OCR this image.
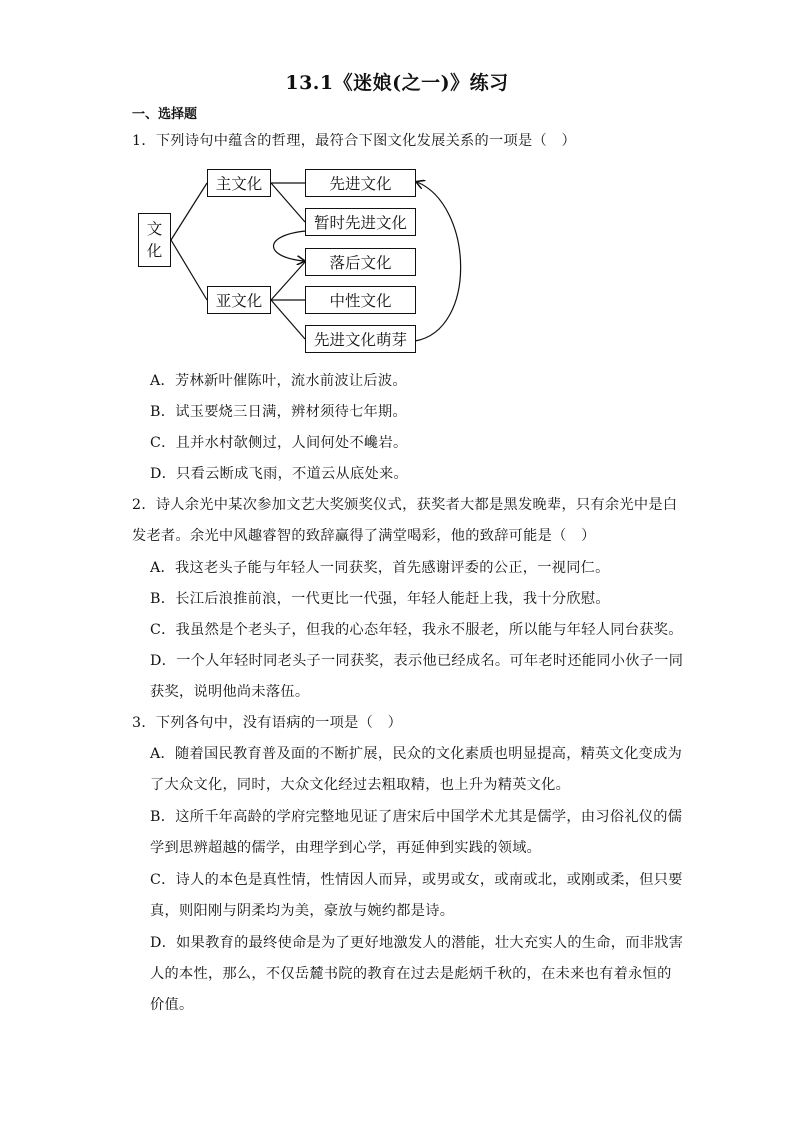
13.1《迷娘(之一)》练习
一、选择题
1．下列诗句中蕴含的哲理，最符合下图文化发展关系的一项是（　）
文
化
主文化
亚文化
先进文化
暂时先进文化
落后文化
中性文化
先进文化萌芽
A．芳林新叶催陈叶，流水前波让后波。
B．试玉要烧三日满，辨材须待七年期。
C．且并水村欹侧过，人间何处不巉岩。
D．只看云断成飞雨，不道云从底处来。
2．诗人余光中某次参加文艺大奖颁奖仪式，获奖者大都是黑发晚辈，只有余光中是白
发老者。余光中风趣睿智的致辞赢得了满堂喝彩，他的致辞可能是（　）
A．我这老头子能与年轻人一同获奖，首先感谢评委的公正，一视同仁。
B．长江后浪推前浪，一代更比一代强，年轻人能赶上我，我十分欣慰。
C．我虽然是个老头子，但我的心态年轻，我永不服老，所以能与年轻人同台获奖。
D．一个人年轻时同老头子一同获奖，表示他已经成名。可年老时还能同小伙子一同
获奖，说明他尚未落伍。
3．下列各句中，没有语病的一项是（　）
A．随着国民教育普及面的不断扩展，民众的文化素质也明显提高，精英文化变成为
了大众文化，同时，大众文化经过去粗取精，也上升为精英文化。
B．这所千年高龄的学府完整地见证了唐宋后中国学术尤其是儒学，由习俗礼仪的儒
学到思辨超越的儒学，由理学到心学，再延伸到实践的领域。
C．诗人的本色是真性情，性情因人而异，或男或女，或南或北，或刚或柔，但只要
真，则阳刚与阴柔均为美，豪放与婉约都是诗。
D．如果教育的最终使命是为了更好地激发人的潜能，壮大充实人的生命，而非戕害
人的本性，那么，不仅岳麓书院的教育在过去是彪炳千秋的，在未来也有着永恒的
价值。
